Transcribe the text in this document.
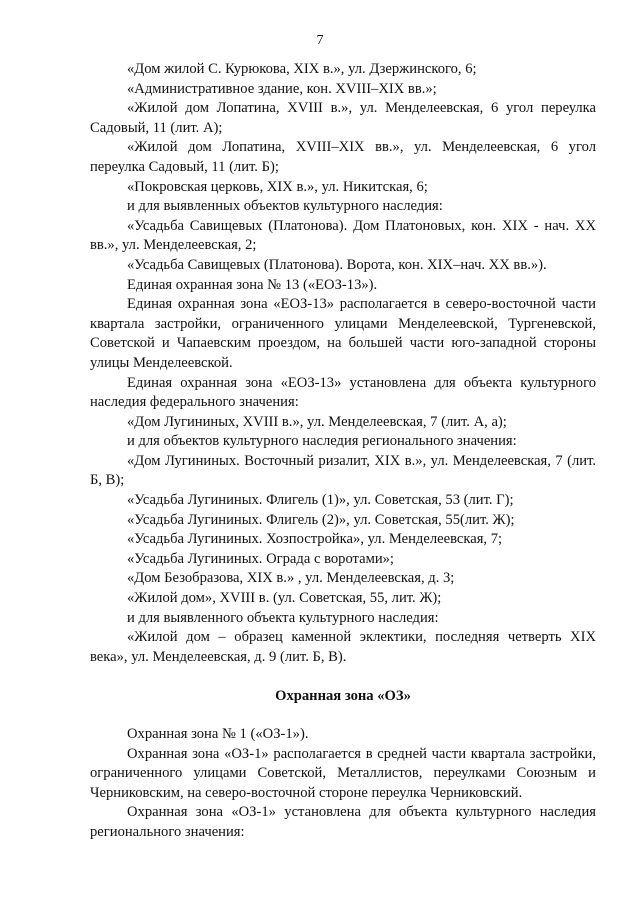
7

«Дом жилой С. Курюкова, XIX в.», ул. Дзержинского, 6;

«Административное здание, кон. XVIII–XIX вв.»;

«Жилой дом Лопатина, XVIII в.», ул. Менделеевская, 6 угол переулка Садовый, 11 (лит. А);

«Жилой дом Лопатина, XVIII–XIX вв.», ул. Менделеевская, 6 угол переулка Садовый, 11 (лит. Б);

«Покровская церковь, XIX в.», ул. Никитская, 6;

и для выявленных объектов культурного наследия:

«Усадьба Савищевых (Платонова). Дом Платоновых, кон. XIX - нач. XX вв.», ул. Менделеевская, 2;

«Усадьба Савищевых (Платонова). Ворота, кон. XIX–нач. XX вв.»).

Единая охранная зона № 13 («ЕОЗ-13»).

Единая охранная зона «ЕОЗ-13» располагается в северо-восточной части квартала застройки, ограниченного улицами Менделеевской, Тургеневской, Советской и Чапаевским проездом, на большей части юго-западной стороны улицы Менделеевской.

Единая охранная зона «ЕОЗ-13» установлена для объекта культурного наследия федерального значения:

«Дом Лугининых, XVIII в.», ул. Менделеевская, 7 (лит. А, а);

и для объектов культурного наследия регионального значения:

«Дом Лугининых. Восточный ризалит, XIX в.», ул. Менделеевская, 7 (лит. Б, В);

«Усадьба Лугининых. Флигель (1)», ул. Советская, 53 (лит. Г);

«Усадьба Лугининых. Флигель (2)», ул. Советская, 55(лит. Ж);

«Усадьба Лугининых. Хозпостройка», ул. Менделеевская, 7;

«Усадьба Лугининых. Ограда с воротами»;

«Дом Безобразова, XIX в.» , ул. Менделеевская, д. 3;

«Жилой дом», XVIII в. (ул. Советская, 55, лит. Ж);

и для выявленного объекта культурного наследия:

«Жилой дом – образец каменной эклектики, последняя четверть XIX века», ул. Менделеевская, д. 9 (лит. Б, В).

Охранная зона «ОЗ»

Охранная зона № 1 («ОЗ-1»).

Охранная зона «ОЗ-1» располагается в средней части квартала застройки, ограниченного улицами Советской, Металлистов, переулками Союзным и Черниковским, на северо-восточной стороне переулка Черниковский.

Охранная зона «ОЗ-1» установлена для объекта культурного наследия регионального значения:
